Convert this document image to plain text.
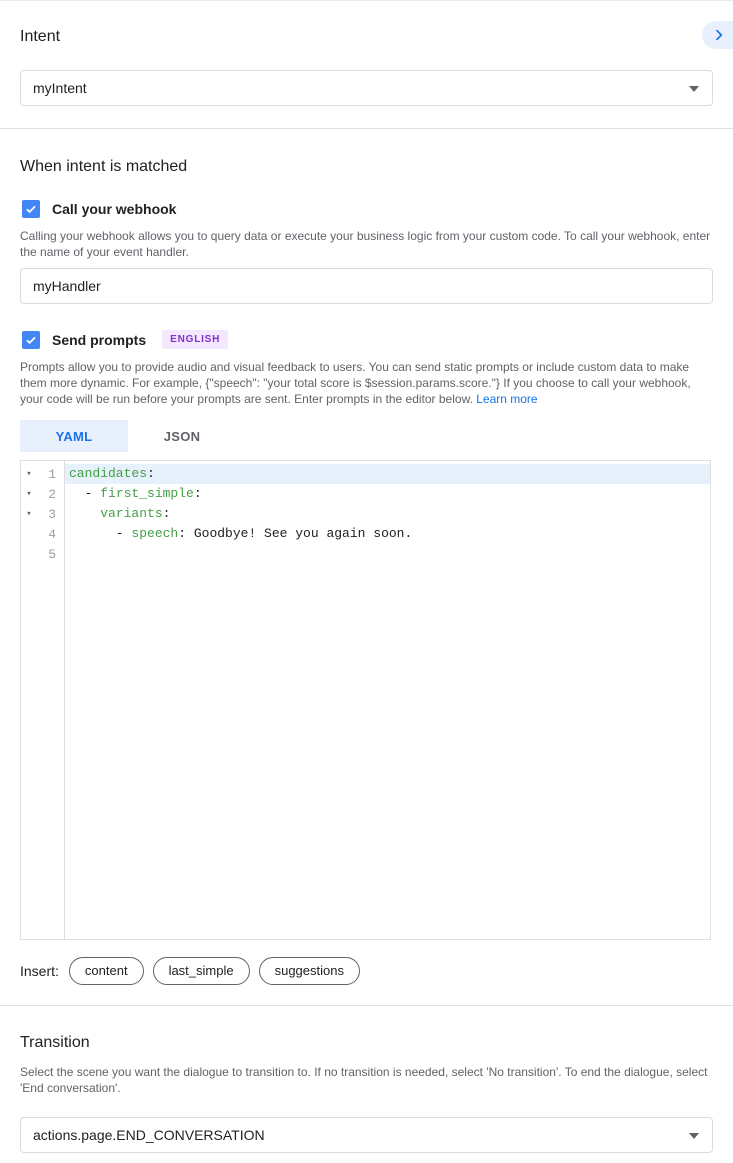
Intent
myIntent
When intent is matched
Call your webhook

Calling your webhook allows you to query data or execute your business logic from your custom code. To call your webhook, enter the name of your event handler.

myHandler
Send prompts	ENGLISH

Prompts allow you to provide audio and visual feedback to users. You can send static prompts or include custom data to make them more dynamic. For example, {"speech": "your total score is $session.params.score."} If you choose to call your webhook, your code will be run before your prompts are sent. Enter prompts in the editor below. Learn more

YAML	JSON
▾	1
▾	2
▾	3
4
5
candidates:
- first_simple:
variants:
- speech: Goodbye! See you again soon.
Insert:	content	last_simple	suggestions
Transition

Select the scene you want the dialogue to transition to. If no transition is needed, select 'No transition'. To end the dialogue, select 'End conversation'.

actions.page.END_CONVERSATION
